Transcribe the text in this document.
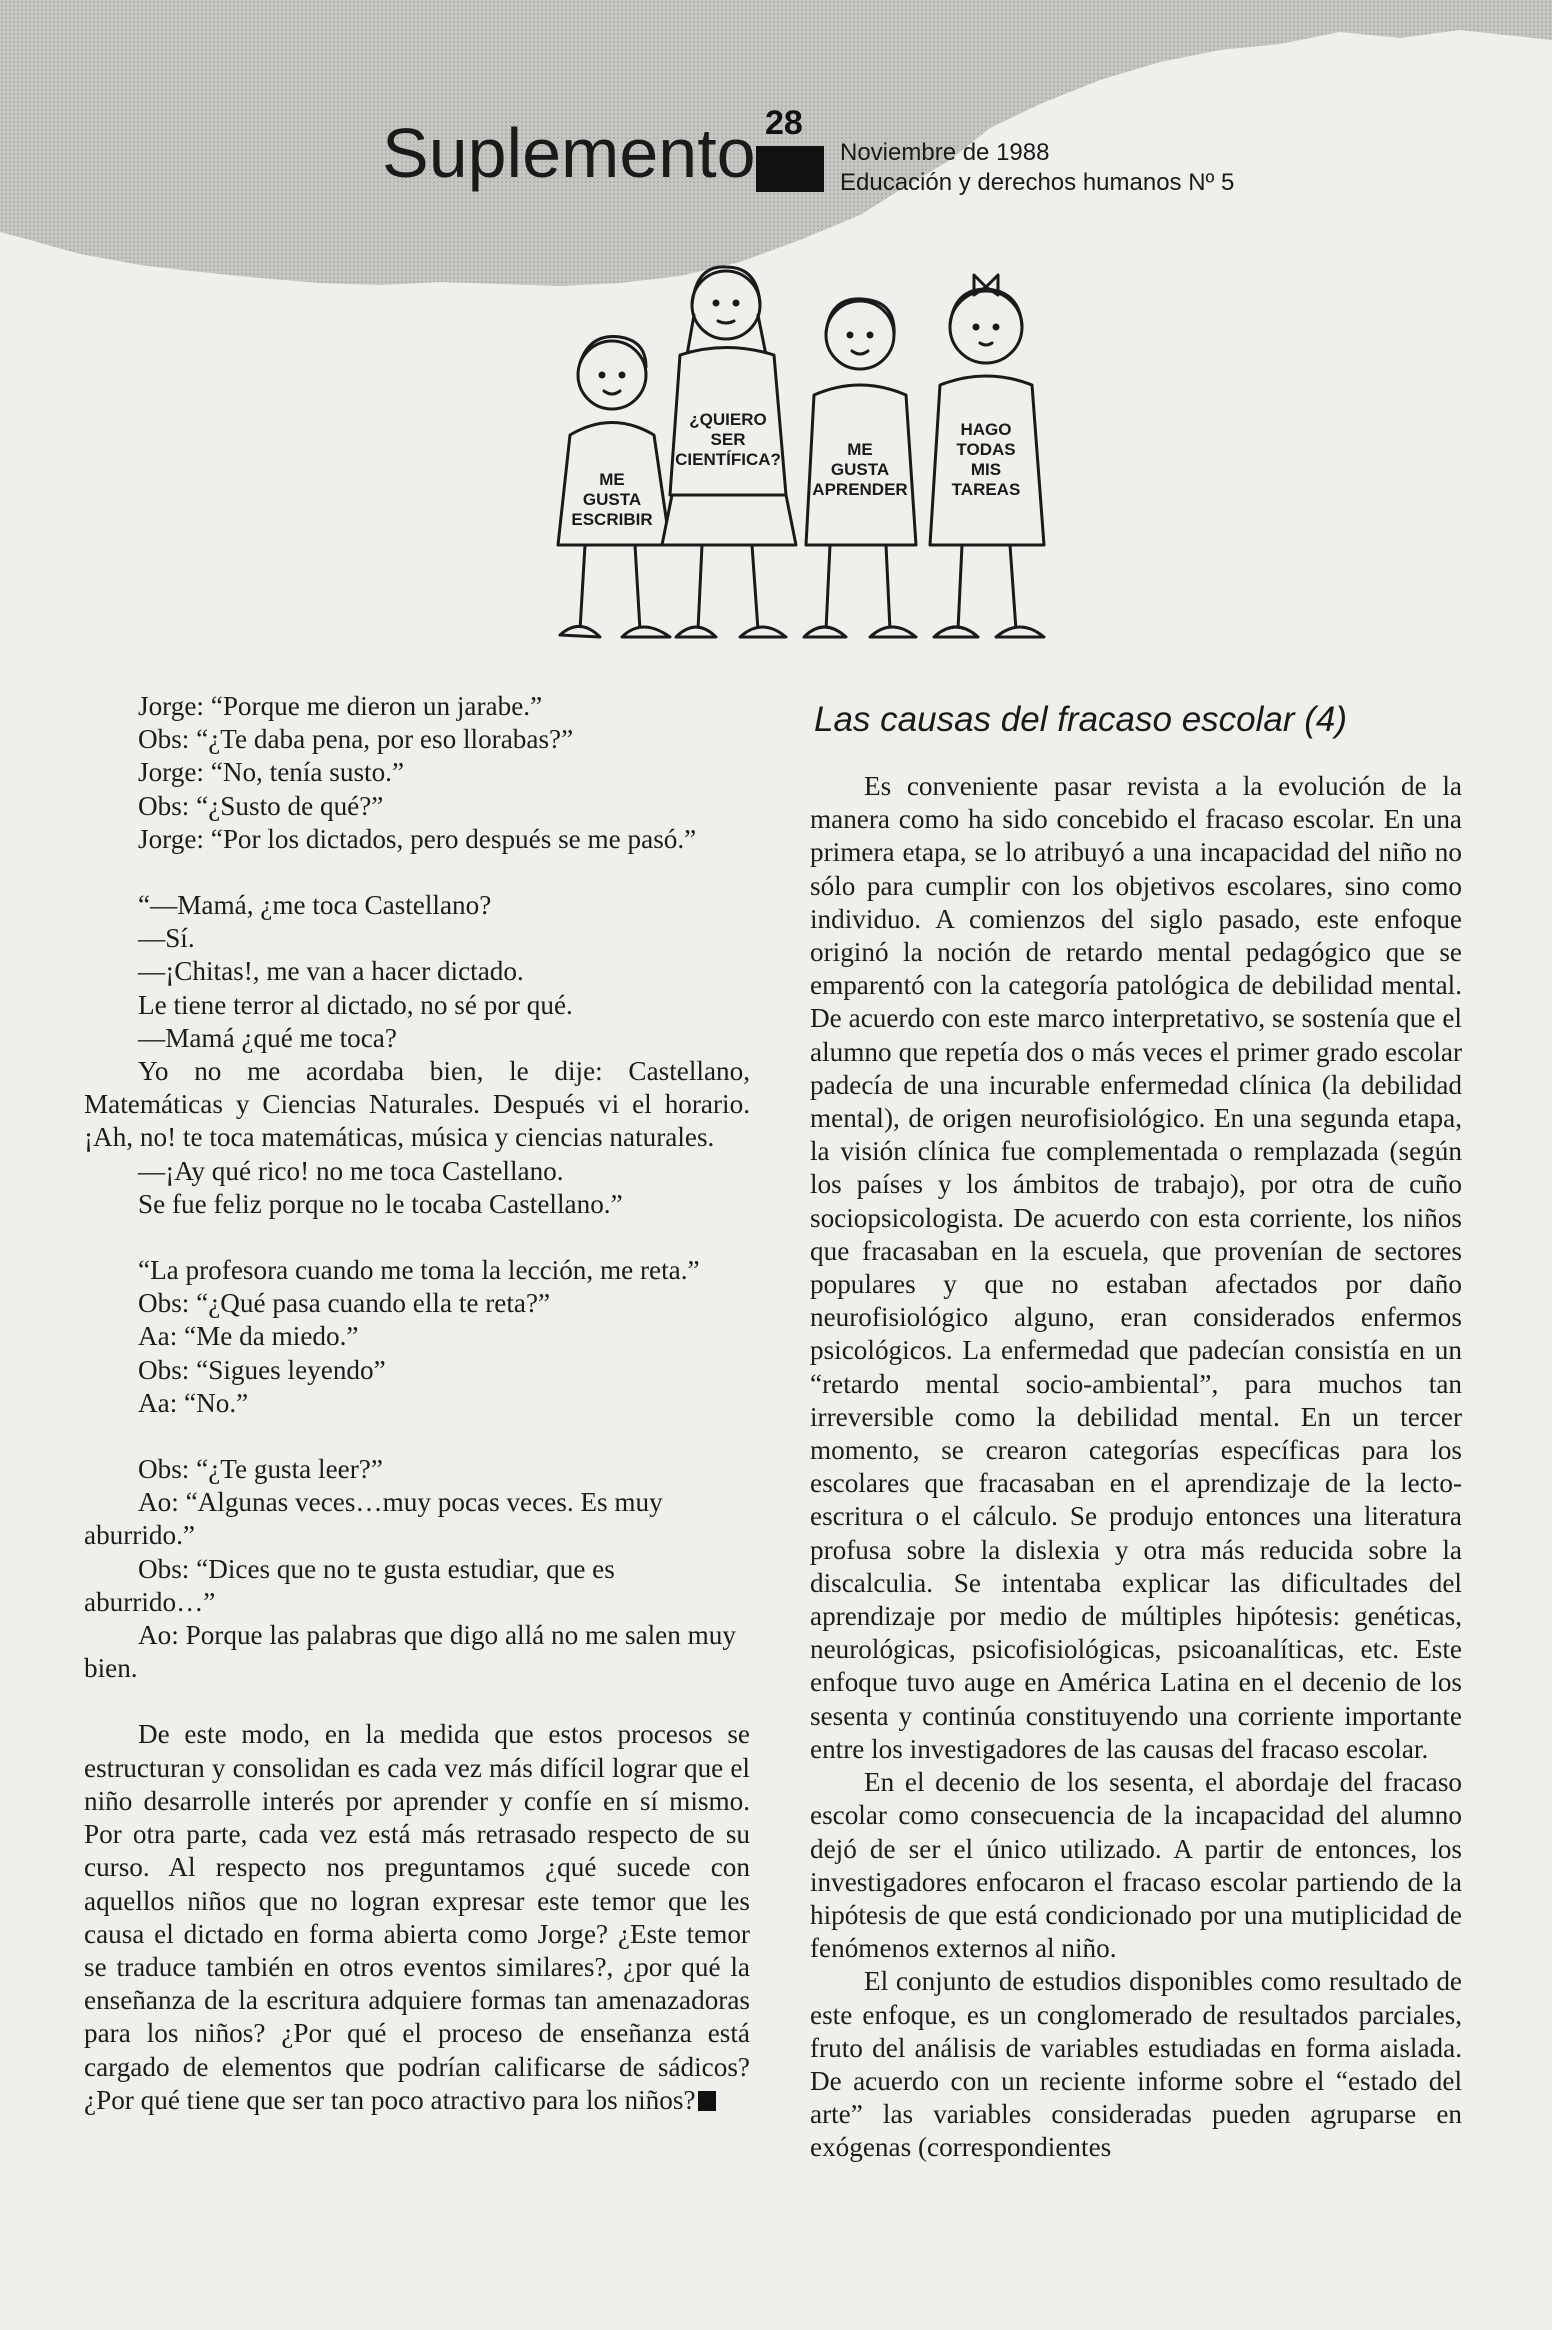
Suplemento 28
Noviembre de 1988
Educación y derechos humanos Nº 5
ME
GUSTA
ESCRIBIR
¿QUIERO
SER
CIENTÍFICA?
ME
GUSTA
APRENDER
HAGO
TODAS
MIS
TAREAS

Jorge: “Porque me dieron un jarabe.”

Obs: “¿Te daba pena, por eso llorabas?”

Jorge: “No, tenía susto.”

Obs: “¿Susto de qué?”

Jorge: “Por los dictados, pero después se me pasó.”

“—Mamá, ¿me toca Castellano?

—Sí.

—¡Chitas!, me van a hacer dictado.

Le tiene terror al dictado, no sé por qué.

—Mamá ¿qué me toca?

Yo no me acordaba bien, le dije: Castellano, Matemáticas y Ciencias Naturales. Después vi el horario. ¡Ah, no! te toca matemáticas, música y ciencias naturales.

—¡Ay qué rico! no me toca Castellano.

Se fue feliz porque no le tocaba Castellano.”

“La profesora cuando me toma la lección, me reta.”

Obs: “¿Qué pasa cuando ella te reta?”

Aa: “Me da miedo.”

Obs: “Sigues leyendo”

Aa: “No.”

Obs: “¿Te gusta leer?”

Ao: “Algunas veces…muy pocas veces. Es muy aburrido.”

Obs: “Dices que no te gusta estudiar, que es aburrido…”

Ao: Porque las palabras que digo allá no me salen muy bien.

De este modo, en la medida que estos procesos se estructuran y consolidan es cada vez más difícil lograr que el niño desarrolle interés por aprender y confíe en sí mismo. Por otra parte, cada vez está más retrasado respecto de su curso. Al respecto nos preguntamos ¿qué sucede con aquellos niños que no logran expresar este temor que les causa el dictado en forma abierta como Jorge? ¿Este temor se traduce también en otros eventos similares?, ¿por qué la enseñanza de la escritura adquiere formas tan amenazadoras para los niños? ¿Por qué el proceso de enseñanza está cargado de elementos que podrían calificarse de sádicos? ¿Por qué tiene que ser tan poco atractivo para los niños?

Las causas del fracaso escolar (4)

Es conveniente pasar revista a la evolución de la manera como ha sido concebido el fracaso escolar. En una primera etapa, se lo atribuyó a una incapacidad del niño no sólo para cumplir con los objetivos escolares, sino como individuo. A comienzos del siglo pasado, este enfoque originó la noción de retardo mental pedagógico que se emparentó con la categoría patológica de debilidad mental. De acuerdo con este marco interpretativo, se sostenía que el alumno que repetía dos o más veces el primer grado escolar padecía de una incurable enfermedad clínica (la debilidad mental), de origen neurofisiológico. En una segunda etapa, la visión clínica fue complementada o remplazada (según los países y los ámbitos de trabajo), por otra de cuño sociopsicologista. De acuerdo con esta corriente, los niños que fracasaban en la escuela, que provenían de sectores populares y que no estaban afectados por daño neurofisiológico alguno, eran considerados enfermos psicológicos. La enfermedad que padecían consistía en un “retardo mental socio-ambiental”, para muchos tan irreversible como la debilidad mental. En un tercer momento, se crearon categorías específicas para los escolares que fracasaban en el aprendizaje de la lecto-escritura o el cálculo. Se produjo entonces una literatura profusa sobre la dislexia y otra más reducida sobre la discalculia. Se intentaba explicar las dificultades del aprendizaje por medio de múltiples hipótesis: genéticas, neurológicas, psicofisiológicas, psicoanalíticas, etc. Este enfoque tuvo auge en América Latina en el decenio de los sesenta y continúa constituyendo una corriente importante entre los investigadores de las causas del fracaso escolar.

En el decenio de los sesenta, el abordaje del fracaso escolar como consecuencia de la incapacidad del alumno dejó de ser el único utilizado. A partir de entonces, los investigadores enfocaron el fracaso escolar partiendo de la hipótesis de que está condicionado por una mutiplicidad de fenómenos externos al niño.

El conjunto de estudios disponibles como resultado de este enfoque, es un conglomerado de resultados parciales, fruto del análisis de variables estudiadas en forma aislada. De acuerdo con un reciente informe sobre el “estado del arte” las variables consideradas pueden agruparse en exógenas (correspondientes
